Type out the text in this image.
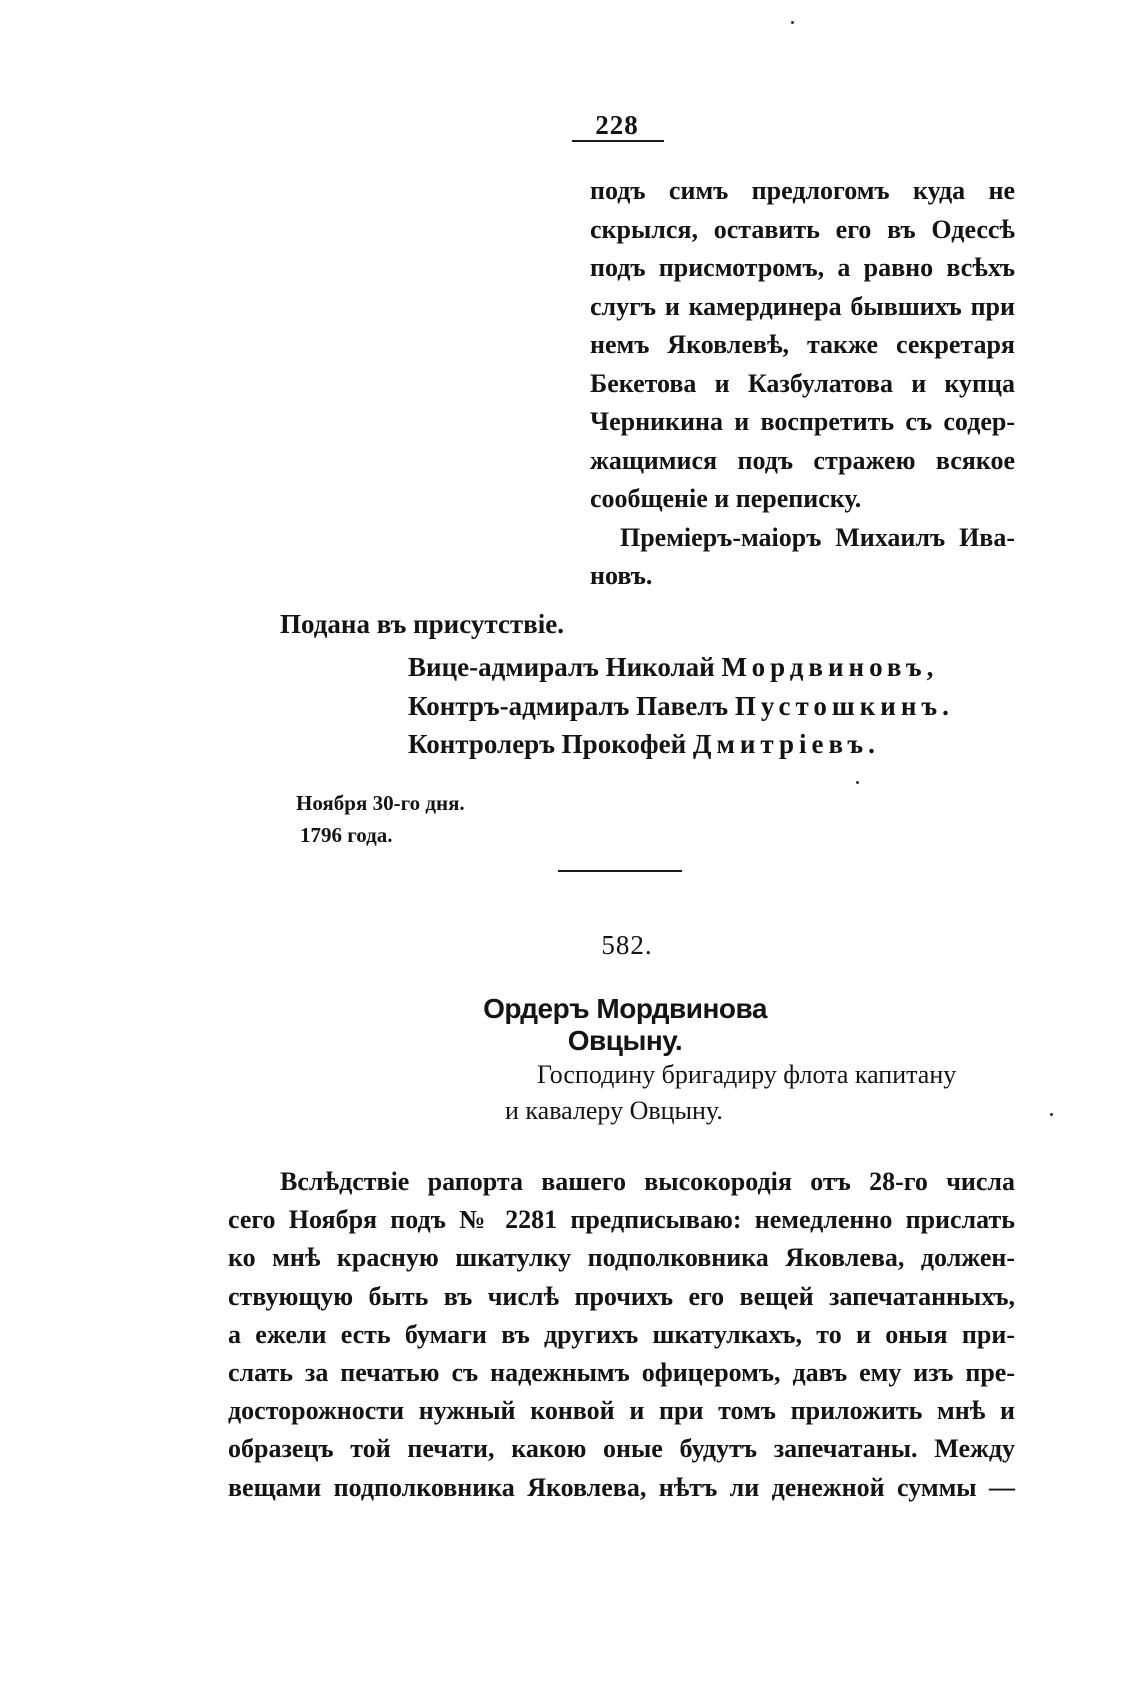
228
подъ симъ предлогомъ куда не
скрылся, оставить его въ Одессѣ
подъ присмотромъ, а равно всѣхъ
слугъ и камердинера бывшихъ при
немъ Яковлевѣ, также секретаря
Бекетова и Казбулатова и купца
Черникина и воспретить съ содер-
жащимися подъ стражею всякое
сообщеніе и переписку.
Премiеръ-маiоръ Михаилъ Ива-
новъ.
Подана въ присутствіе.
Вице-адмиралъ Николай Мордвиновъ,
Контръ-адмиралъ Павелъ Пустошкинъ.
Контролеръ Прокофей Дмитріевъ.
Ноября 30-го дня.
1796 года.
582.
Ордеръ Мордвинова Овцыну.
Господину бригадиру флота капитану
и кавалеру Овцыну.
Вслѣдствіе рапорта вашего высокородія отъ 28-го числа
сего Ноября подъ № 2281 предписываю: немедленно прислать
ко мнѣ красную шкатулку подполковника Яковлева, должен-
ствующую быть въ числѣ прочихъ его вещей запечатанныхъ,
а ежели есть бумаги въ другихъ шкатулкахъ, то и оныя при-
слать за печатью съ надежнымъ офицеромъ, давъ ему изъ пре-
досторожности нужный конвой и при томъ приложить мнѣ и
образецъ той печати, какою оные будутъ запечатаны. Между
вещами подполковника Яковлева, нѣтъ ли денежной суммы —
